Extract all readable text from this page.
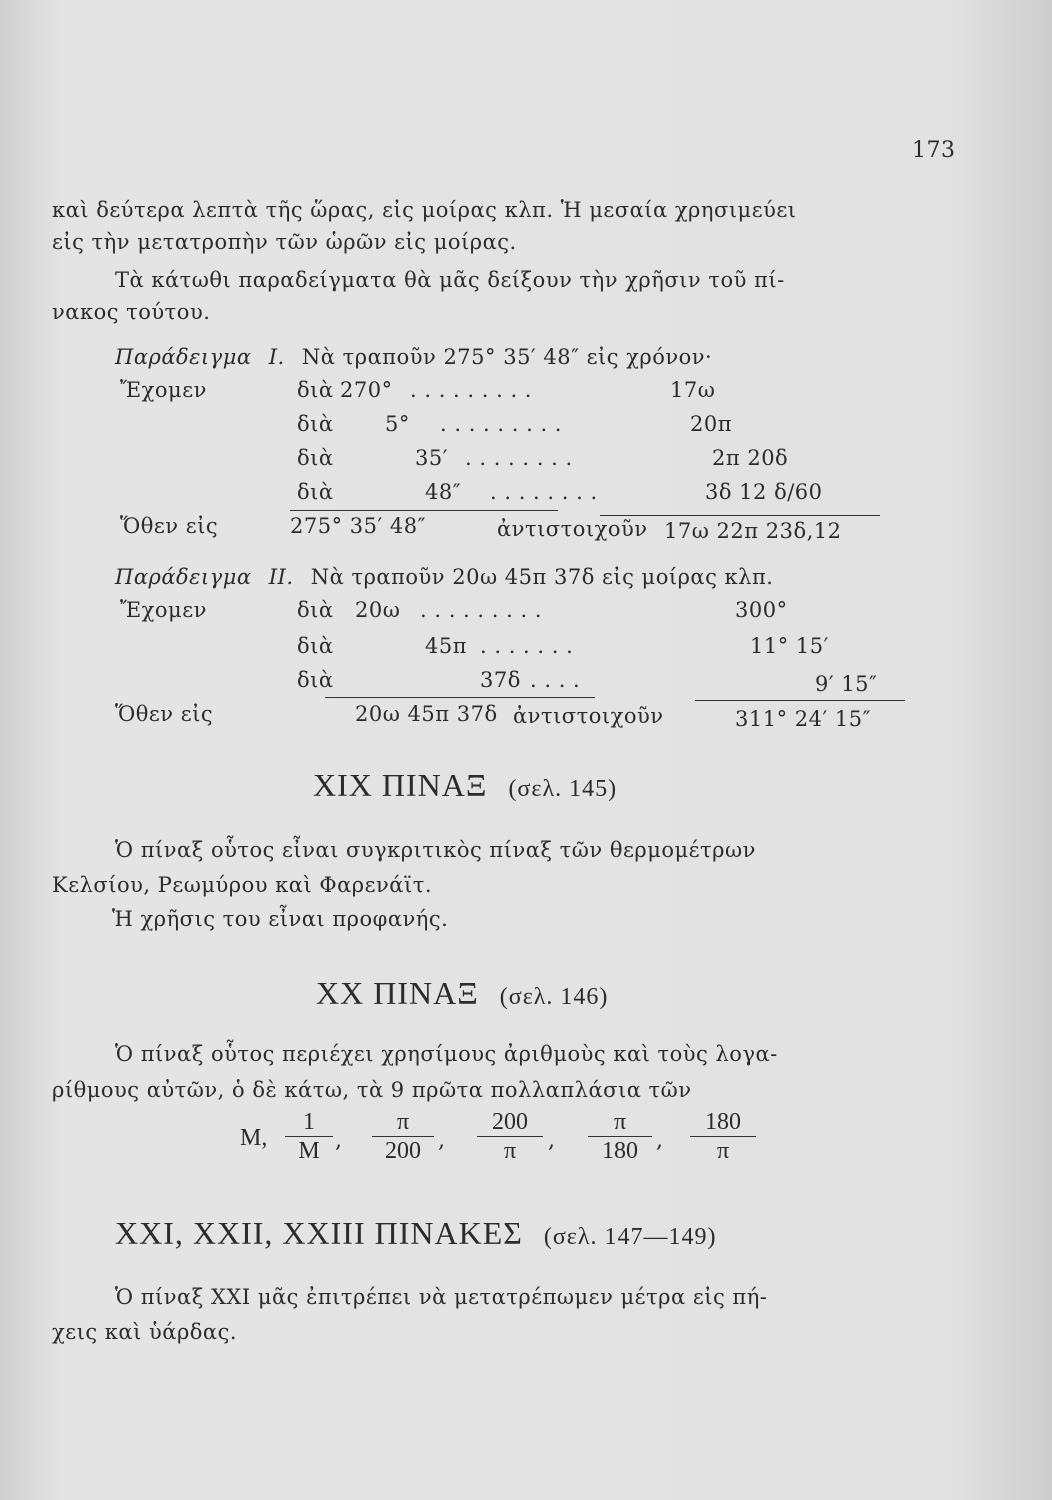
173
καὶ δεύτερα λεπτὰ τῆς ὥρας, εἰς μοίρας κλπ. Ἡ μεσαία χρησιμεύει
εἰς τὴν μετατροπὴν τῶν ὡρῶν εἰς μοίρας.
Τὰ κάτωθι παραδείγματα θὰ μᾶς δείξουν τὴν χρῆσιν τοῦ πί-
νακος τούτου.
Παράδειγμα Ι. Νὰ τραποῦν 275° 35′ 48″ εἰς χρόνον·
Ἔχομεν	διὰ 270° . . . . . . . . .	17ω
διὰ 5° . . . . . . . . .	20π
διὰ	35′ . . . . . . . .	2π 20δ
διὰ	48″ . . . . . . . .	3δ 12 δ/60
Ὅθεν εἰς	275° 35′ 48″	ἀντιστοιχοῦν 17ω 22π 23δ,12
Παράδειγμα ΙΙ. Νὰ τραποῦν 20ω 45π 37δ εἰς μοίρας κλπ.
Ἔχομεν	διὰ 20ω . . . . . . . . .	300°
διὰ	45π . . . . . . .	11° 15′
διὰ	37δ . . . .	9′ 15″
Ὅθεν εἰς	20ω 45π 37δ ἀντιστοιχοῦν	311° 24′ 15″
ΧΙΧ ΠΙΝΑΞ (σελ. 145)
Ὁ πίναξ οὗτος εἶναι συγκριτικὸς πίναξ τῶν θερμομέτρων
Κελσίου, Ρεωμύρου καὶ Φαρενάϊτ.
Ἡ χρῆσις του εἶναι προφανής.
ΧΧ ΠΙΝΑΞ (σελ. 146)
Ὁ πίναξ οὗτος περιέχει χρησίμους ἀριθμοὺς καὶ τοὺς λογα-
ρίθμους αὐτῶν, ὁ δὲ κάτω, τὰ 9 πρῶτα πολλαπλάσια τῶν
Μ, $\frac{1}{M}$ , $\frac{\pi}{200}$ , $\frac{200}{\pi}$ , $\frac{\pi}{180}$ , $\frac{180}{\pi}$
ΧΧΙ, ΧΧΙΙ, ΧΧΙΙΙ ΠΙΝΑΚΕΣ (σελ. 147—149)
Ὁ πίναξ ΧΧΙ μᾶς ἐπιτρέπει νὰ μετατρέπωμεν μέτρα εἰς πή-
χεις καὶ ὑάρδας.
